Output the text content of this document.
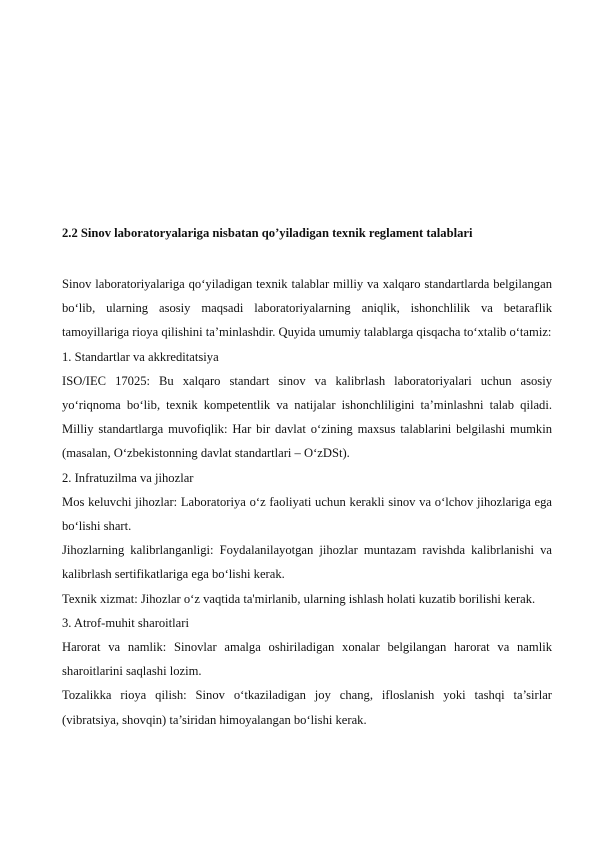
2.2 Sinov laboratoryalariga nisbatan qo’yiladigan texnik reglament talablari

Sinov laboratoriyalariga qo‘yiladigan texnik talablar milliy va xalqaro standartlarda belgilangan bo‘lib, ularning asosiy maqsadi laboratoriyalarning aniqlik, ishonchlilik va betaraflik tamoyillariga rioya qilishini ta’minlashdir. Quyida umumiy talablarga qisqacha to‘xtalib o‘tamiz:

1. Standartlar va akkreditatsiya

ISO/IEC 17025: Bu xalqaro standart sinov va kalibrlash laboratoriyalari uchun asosiy yo‘riqnoma bo‘lib, texnik kompetentlik va natijalar ishonchliligini ta’minlashni talab qiladi. Milliy standartlarga muvofiqlik: Har bir davlat o‘zining maxsus talablarini belgilashi mumkin (masalan, O‘zbekistonning davlat standartlari – O‘zDSt).

2. Infratuzilma va jihozlar

Mos keluvchi jihozlar: Laboratoriya o‘z faoliyati uchun kerakli sinov va o‘lchov jihozlariga ega bo‘lishi shart.

Jihozlarning kalibrlanganligi: Foydalanilayotgan jihozlar muntazam ravishda kalibrlanishi va kalibrlash sertifikatlariga ega bo‘lishi kerak.

Texnik xizmat: Jihozlar o‘z vaqtida ta'mirlanib, ularning ishlash holati kuzatib borilishi kerak.

3. Atrof-muhit sharoitlari

Harorat va namlik: Sinovlar amalga oshiriladigan xonalar belgilangan harorat va namlik sharoitlarini saqlashi lozim.

Tozalikka rioya qilish: Sinov o‘tkaziladigan joy chang, ifloslanish yoki tashqi ta’sirlar (vibratsiya, shovqin) ta’siridan himoyalangan bo‘lishi kerak.
